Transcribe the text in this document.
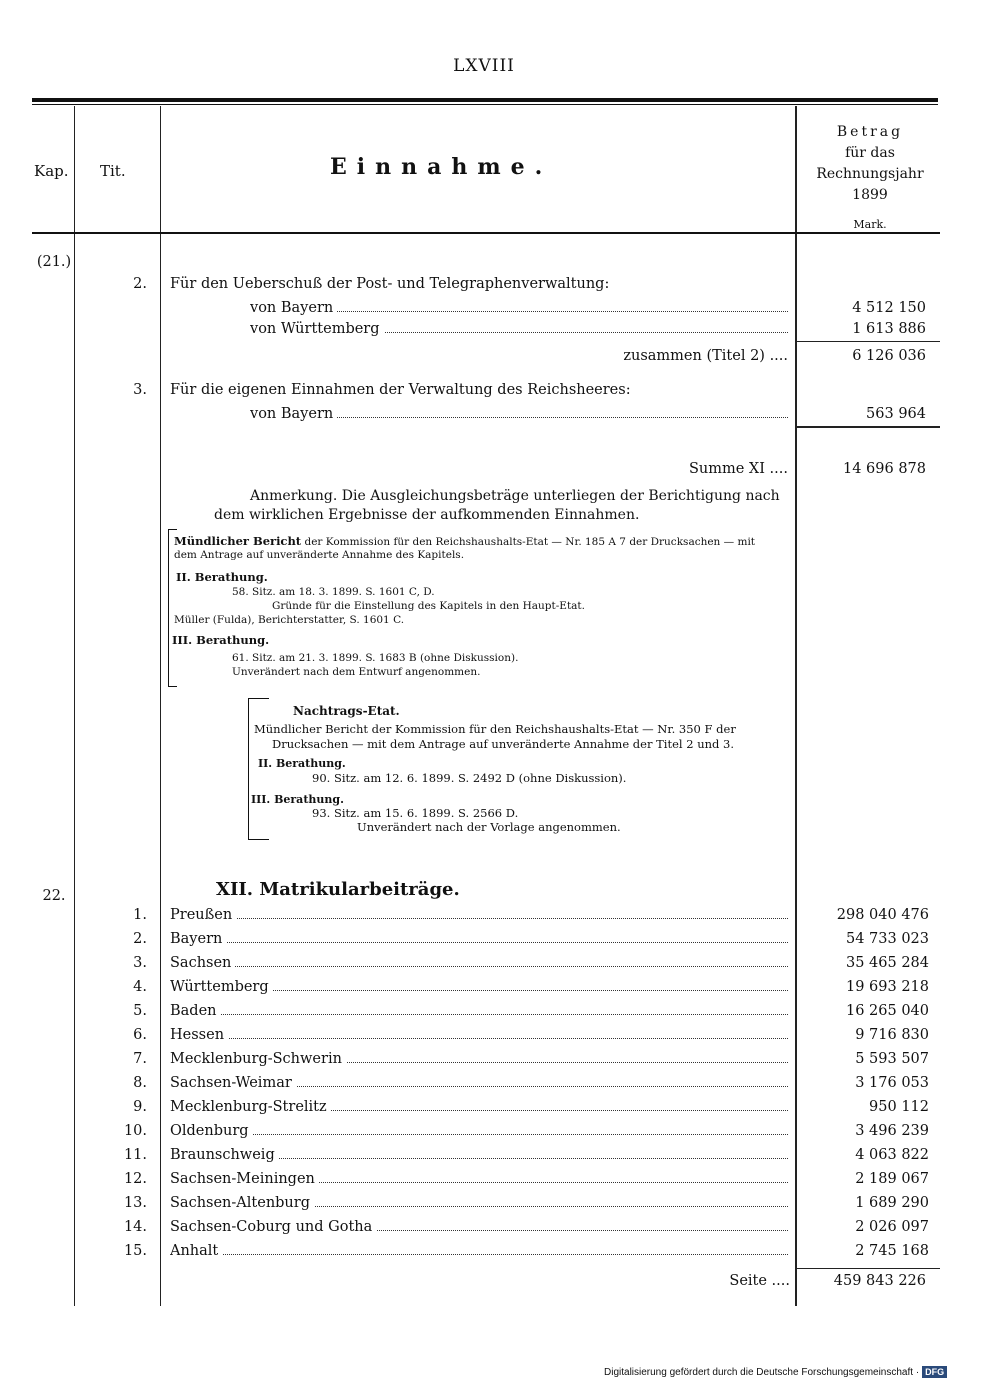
LXVIII
Kap. Tit.	Einnahme.
Betrag
für das
Rechnungsjahr
1899
Mark.
(21.)
2. Für den Ueberschuß der Post- und Telegraphenverwaltung:
von Bayern	4 512 150
von Württemberg	1 613 886
zusammen (Titel 2) ....	6 126 036
3. Für die eigenen Einnahmen der Verwaltung des Reichsheeres:
von Bayern	563 964
Summe XI ....	14 696 878
Anmerkung. Die Ausgleichungsbeträge unterliegen der Berichtigung nach
dem wirklichen Ergebnisse der aufkommenden Einnahmen.
Mündlicher Bericht der Kommission für den Reichshaushalts-Etat — Nr. 185 A 7 der Drucksachen — mit
dem Antrage auf unveränderte Annahme des Kapitels.
II. Berathung.
58. Sitz. am 18. 3. 1899. S. 1601 C, D.
Gründe für die Einstellung des Kapitels in den Haupt-Etat.
Müller (Fulda), Berichterstatter, S. 1601 C.
III. Berathung.
61. Sitz. am 21. 3. 1899. S. 1683 B (ohne Diskussion).
Unverändert nach dem Entwurf angenommen.
Nachtrags-Etat.
Mündlicher Bericht der Kommission für den Reichshaushalts-Etat — Nr. 350 F der
Drucksachen — mit dem Antrage auf unveränderte Annahme der Titel 2 und 3.
II. Berathung.
90. Sitz. am 12. 6. 1899. S. 2492 D (ohne Diskussion).
III. Berathung.
93. Sitz. am 15. 6. 1899. S. 2566 D.
Unverändert nach der Vorlage angenommen.
22.	XII. Matrikularbeiträge.
1. Preußen	298 040 476
2. Bayern	54 733 023
3. Sachsen	35 465 284
4. Württemberg	19 693 218
5. Baden	16 265 040
6. Hessen	9 716 830
7. Mecklenburg-Schwerin	5 593 507
8. Sachsen-Weimar	3 176 053
9. Mecklenburg-Strelitz	950 112
10. Oldenburg	3 496 239
11. Braunschweig	4 063 822
12. Sachsen-Meiningen	2 189 067
13. Sachsen-Altenburg	1 689 290
14. Sachsen-Coburg und Gotha	2 026 097
15. Anhalt	2 745 168
Seite ....	459 843 226
Digitalisierung gefördert durch die Deutsche Forschungsgemeinschaft · DFG
